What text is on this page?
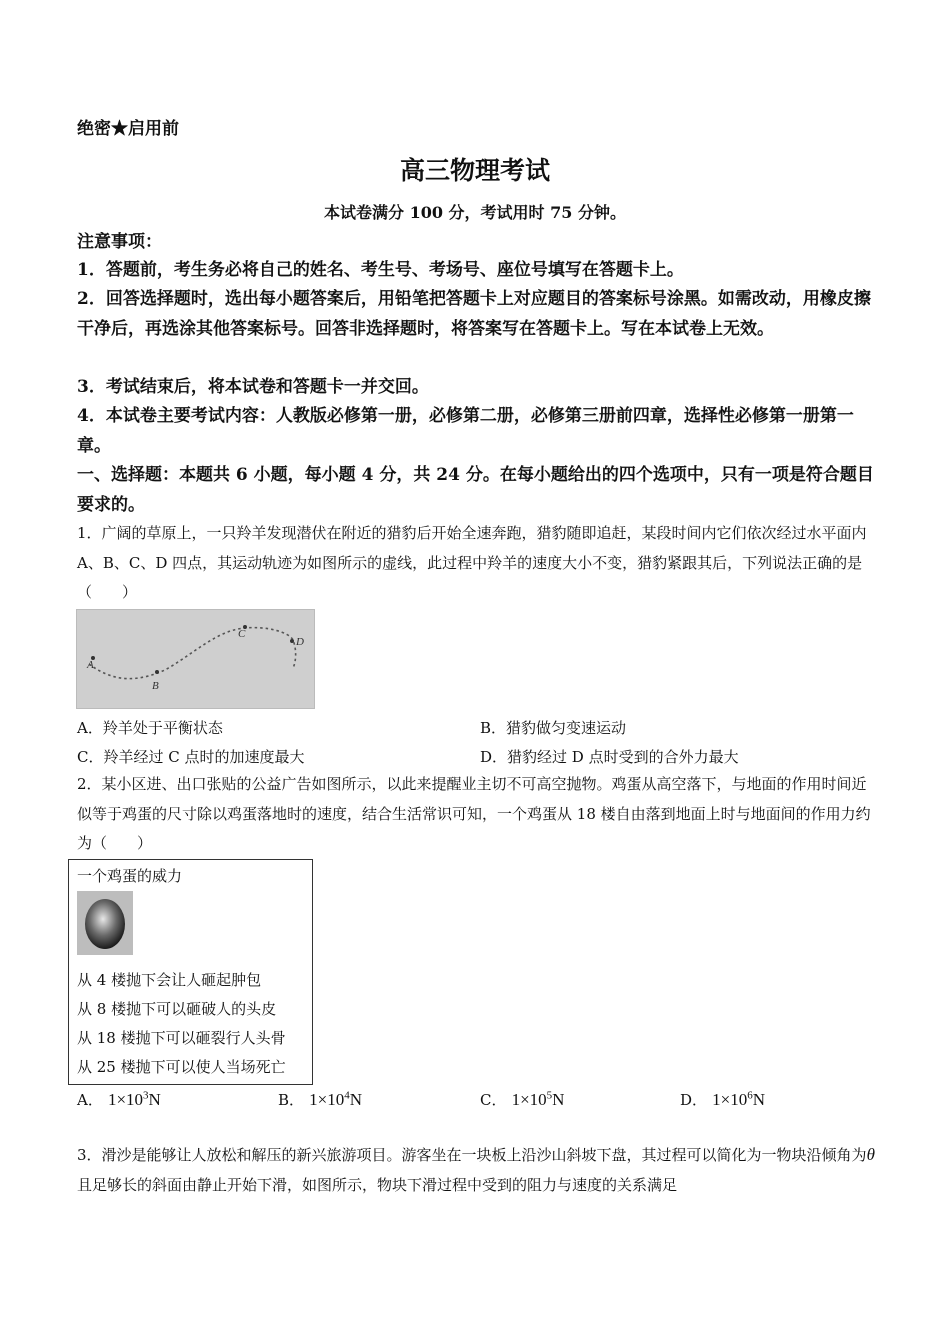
绝密★启用前
高三物理考试
本试卷满分 100 分，考试用时 75 分钟。
注意事项：
1．答题前，考生务必将自己的姓名、考生号、考场号、座位号填写在答题卡上。
2．回答选择题时，选出每小题答案后，用铅笔把答题卡上对应题目的答案标号涂黑。如需改动，用橡皮擦干净后，再选涂其他答案标号。回答非选择题时，将答案写在答题卡上。写在本试卷上无效。
3．考试结束后，将本试卷和答题卡一并交回。
4．本试卷主要考试内容：人教版必修第一册，必修第二册，必修第三册前四章，选择性必修第一册第一章。
一、选择题：本题共 6 小题，每小题 4 分，共 24 分。在每小题给出的四个选项中，只有一项是符合题目要求的。
1．广阔的草原上，一只羚羊发现潜伏在附近的猎豹后开始全速奔跑，猎豹随即追赶，某段时间内它们依次经过水平面内 A、B、C、D 四点，其运动轨迹为如图所示的虚线，此过程中羚羊的速度大小不变，猎豹紧跟其后，下列说法正确的是（　　）
A
B
C
D
A．羚羊处于平衡状态	B．猎豹做匀变速运动
C．羚羊经过 C 点时的加速度最大	D．猎豹经过 D 点时受到的合外力最大
2．某小区进、出口张贴的公益广告如图所示，以此来提醒业主切不可高空抛物。鸡蛋从高空落下，与地面的作用时间近似等于鸡蛋的尺寸除以鸡蛋落地时的速度，结合生活常识可知，一个鸡蛋从 18 楼自由落到地面上时与地面间的作用力约为（　　）
一个鸡蛋的威力
从 4 楼抛下会让人砸起肿包
从 8 楼抛下可以砸破人的头皮
从 18 楼抛下可以砸裂行人头骨
从 25 楼抛下可以使人当场死亡
A． $1\times 10^3N$	B． $1\times 10^4N$	C． $1\times 10^5N$	D． $1\times 10^6N$
3．滑沙是能够让人放松和解压的新兴旅游项目。游客坐在一块板上沿沙山斜坡下盘，其过程可以简化为一物块沿倾角为θ且足够长的斜面由静止开始下滑，如图所示，物块下滑过程中受到的阻力与速度的关系满足
